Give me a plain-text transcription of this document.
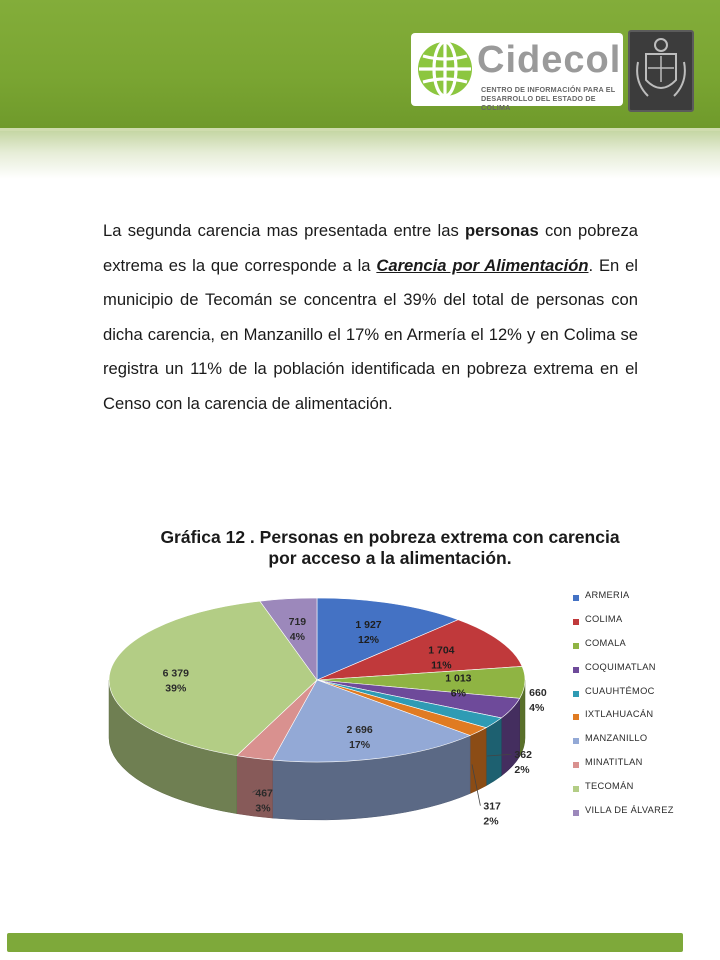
Cidecol
CENTRO DE INFORMACIÓN PARA EL
DESARROLLO DEL ESTADO DE COLIMA
La segunda carencia mas presentada entre las personas con pobreza extrema es la que corresponde a la Carencia por Alimentación. En el municipio de Tecomán se concentra el 39% del total de personas con dicha carencia, en Manzanillo el 17% en Armería el 12% y en Colima se registra un 11% de la población identificada en pobreza extrema en el Censo con la carencia de alimentación.
Gráfica 12 . Personas en pobreza extrema con carencia por acceso a la alimentación.
1 927
12%
1 704
11%
1 013
6%	660
4%
362
2%
317
2%
2 696
17%
467
3%
6 379
39%
719
4%
ARMERIA
COLIMA
COMALA
COQUIMATLAN
CUAUHTÉMOC
IXTLAHUACÁN
MANZANILLO
MINATITLAN
TECOMÁN
VILLA DE ÁLVAREZ
